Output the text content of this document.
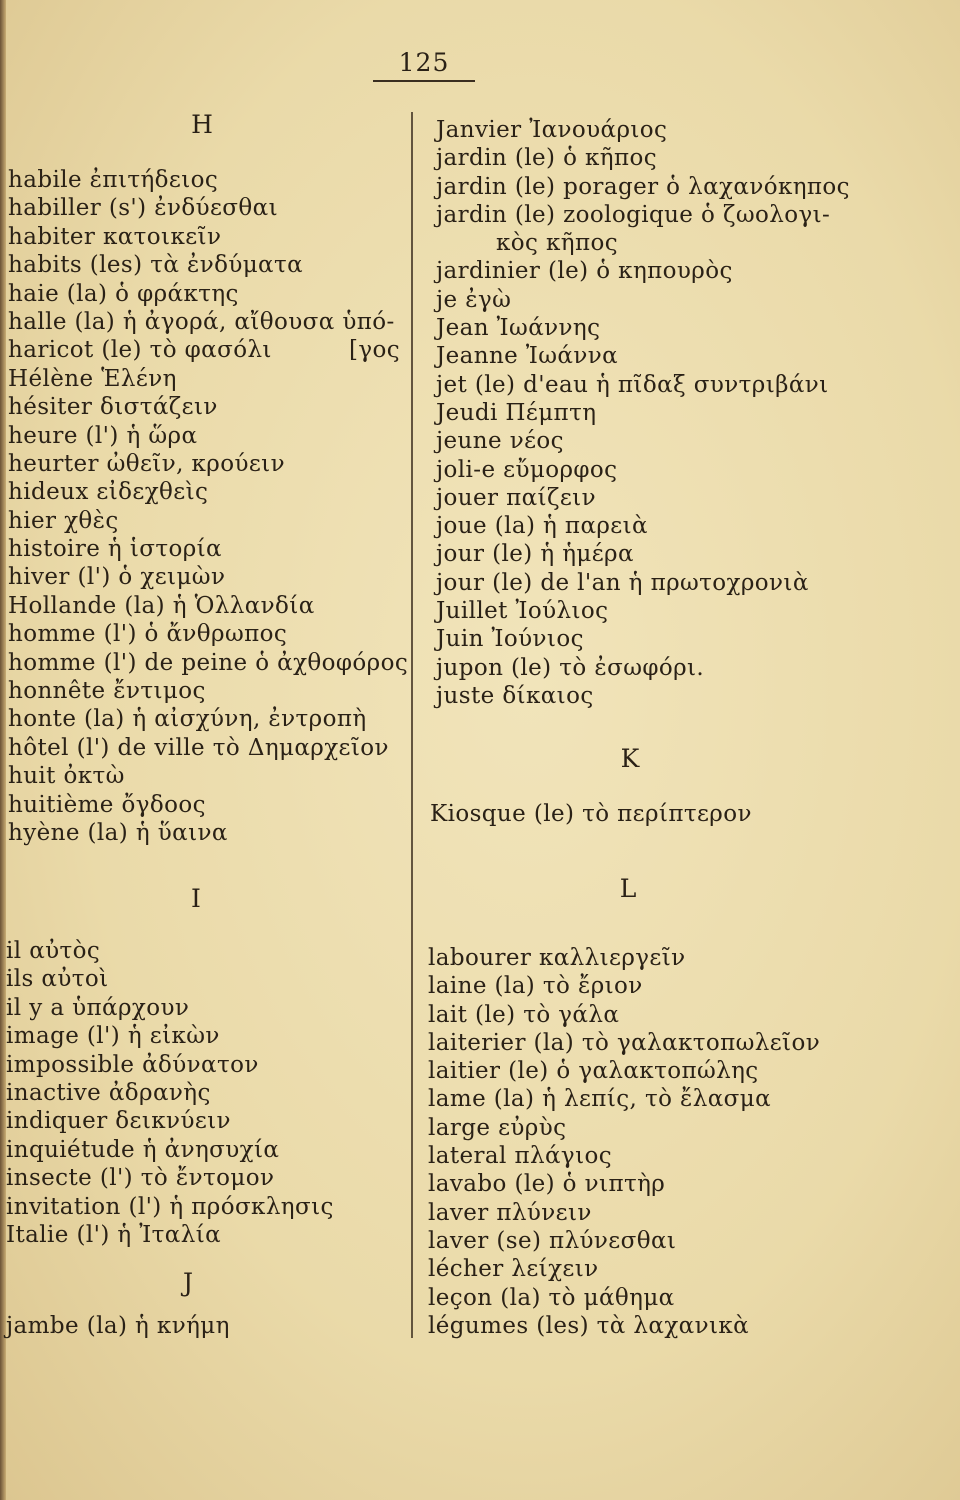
125
H
habile ἐπιτήδειος
habiller (s') ἐνδύεσθαι
habiter κατοικεῖν
habits (les) τὰ ἐνδύματα
haie (la) ὁ φράκτης
halle (la) ἡ ἀγορά, αἴθουσα ὑπό-
haricot (le) τὸ φασόλι          [γος
Hélène Ἑλένη
hésiter διστάζειν
heure (l') ἡ ὥρα
heurter ὠθεῖν, κρούειν
hideux εἰδεχθεὶς
hier χθὲς
histoire ἡ ἱστορία
hiver (l') ὁ χειμὼν
Hollande (la) ἡ Ὁλλανδία
homme (l') ὁ ἄνθρωπος
homme (l') de peine ὁ ἀχθοφόρος
honnête ἔντιμος
honte (la) ἡ αἰσχύνη, ἐντροπὴ
hôtel (l') de ville τὸ Δημαρχεῖον
huit ὀκτὼ
huitième ὄγδοος
hyène (la) ἡ ὕαινα
I
il αὐτὸς
ils αὐτοὶ
il y a ὑπάρχουν
image (l') ἡ εἰκὼν
impossible ἀδύνατον
inactive ἀδρανὴς
indiquer δεικνύειν
inquiétude ἡ ἀνησυχία
insecte (l') τὸ ἔντομον
invitation (l') ἡ πρόσκλησις
Italie (l') ἡ Ἰταλία
J
jambe (la) ἡ κνήμη
Janvier Ἰανουάριος
jardin (le) ὁ κῆπος
jardin (le) porager ὁ λαχανόκηπος
jardin (le) zoologique ὁ ζωολογι-
κὸς κῆπος
jardinier (le) ὁ κηπουρὸς
je ἐγὼ
Jean Ἰωάννης
Jeanne Ἰωάννα
jet (le) d'eau ἡ πῖδαξ συντριβάνι
Jeudi Πέμπτη
jeune νέος
joli-e εὔμορφος
jouer παίζειν
joue (la) ἡ παρειὰ
jour (le) ἡ ἡμέρα
jour (le) de l'an ἡ πρωτοχρονιὰ
Juillet Ἰούλιος
Juin Ἰούνιος
jupon (le) τὸ ἐσωφόρι.
juste δίκαιος
K
Kiosque (le) τὸ περίπτερον
L
labourer καλλιεργεῖν
laine (la) τὸ ἔριον
lait (le) τὸ γάλα
laiterier (la) τὸ γαλακτοπωλεῖον
laitier (le) ὁ γαλακτοπώλης
lame (la) ἡ λεπίς, τὸ ἔλασμα
large εὐρὺς
lateral πλάγιος
lavabo (le) ὁ νιπτὴρ
laver πλύνειν
laver (se) πλύνεσθαι
lécher λείχειν
leçon (la) τὸ μάθημα
légumes (les) τὰ λαχανικὰ
